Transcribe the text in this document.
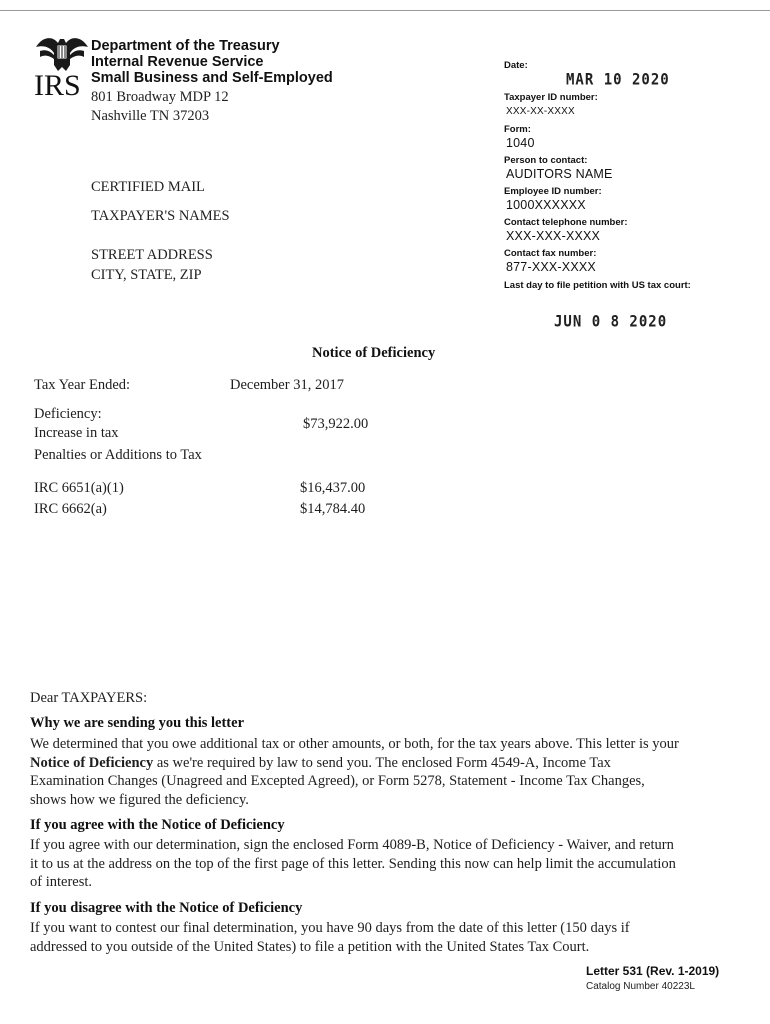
IRS
Department of the Treasury
Internal Revenue Service
Small Business and Self-Employed
801 Broadway MDP 12
Nashville TN 37203
CERTIFIED MAIL
TAXPAYER'S NAMES
STREET ADDRESS
CITY, STATE, ZIP
Date:
MAR 10 2020
Taxpayer ID number:
XXX-XX-XXXX
Form:
1040
Person to contact:
AUDITORS NAME
Employee ID number:
1000XXXXXX
Contact telephone number:
XXX-XXX-XXXX
Contact fax number:
877-XXX-XXXX
Last day to file petition with US tax court:
JUN 0 8 2020
Notice of Deficiency
Tax Year Ended:	December 31, 2017
Deficiency:
Increase in tax
$73,922.00
Penalties or Additions to Tax
IRC 6651(a)(1)	$16,437.00
IRC 6662(a)	$14,784.40
Dear TAXPAYERS:
Why we are sending you this letter
We determined that you owe additional tax or other amounts, or both, for the tax years above. This letter is your
Notice of Deficiency as we're required by law to send you. The enclosed Form 4549-A, Income Tax
Examination Changes (Unagreed and Excepted Agreed), or Form 5278, Statement - Income Tax Changes,
shows how we figured the deficiency.
If you agree with the Notice of Deficiency
If you agree with our determination, sign the enclosed Form 4089-B, Notice of Deficiency - Waiver, and return
it to us at the address on the top of the first page of this letter. Sending this now can help limit the accumulation
of interest.
If you disagree with the Notice of Deficiency
If you want to contest our final determination, you have 90 days from the date of this letter (150 days if
addressed to you outside of the United States) to file a petition with the United States Tax Court.
Letter 531 (Rev. 1-2019)
Catalog Number 40223L
